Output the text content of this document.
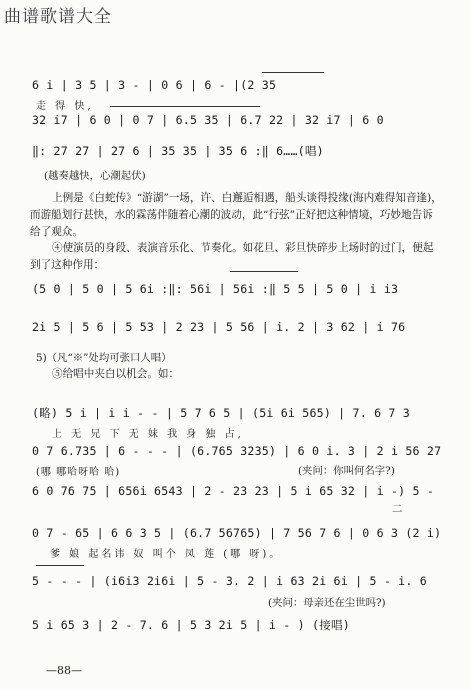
曲谱歌谱大全
6 i | 3 5 | 3 - | 0 6 | 6 - |(2 35
走 得 快,
32 i7 | 6 0 | 0 7 | 6.5 35 | 6.7 22 | 32 i7 | 6 0
‖: 27 27 | 27 6 | 35 35 | 35 6 :‖ 6……(唱)
(越奏越快，心潮起伏)
上例是《白蛇传》“游湖”一场，许、白邂逅相遇，船头谈得投缘(海内难得知音逢)，而游船划行甚快，水的霖荡伴随着心潮的波动，此“行弦”正好把这种情境，巧妙地告诉给了观众。
④使演员的身段、表演音乐化、节奏化。如花旦、彩旦快碎步上场时的过门，便起到了这种作用：
(5 0 | 5 0 | 5 6i :‖: 56i | 56i :‖ 5 5 | 5 0 | i i3
2i 5 | 5 6 | 5 53 | 2 23 | 5 56 | i. 2 | 3 62 | i 76
5)（凡“※”处均可张口人唱）
⑤给唱中夹白以机会。如：
(略) 5 i | i i - - | 5 7 6 5 | (5i 6i 565) | 7. 6 7 3
上 无 兄 下 无 妹 我 身 独 占,
0 7 6.735 | 6 - - - | (6.765 3235) | 6 0 i. 3 | 2 i 56 27
(哪 哪哈呀哈 哈)	(夹问：你叫何名字?)
6 0 76 75 | 656i 6543 | 2 - 23 23 | 5 i 65 32 | i -) 5 -
二
0 7 - 65 | 6 6 3 5 | (6.7 56765) | 7 56 7 6 | 0 6 3 (2 i)
爹 娘 起名讳 奴 叫个 凤 莲 (哪 呀)。
5 - - - | (i6i3 2i6i | 5 - 3. 2 | i 63 2i 6i | 5 - i. 6
(夹问：母亲还在尘世吗?)
5 i 65 3 | 2 - 7. 6 | 5 3 2i 5 | i - ) (接唱)
—88—
